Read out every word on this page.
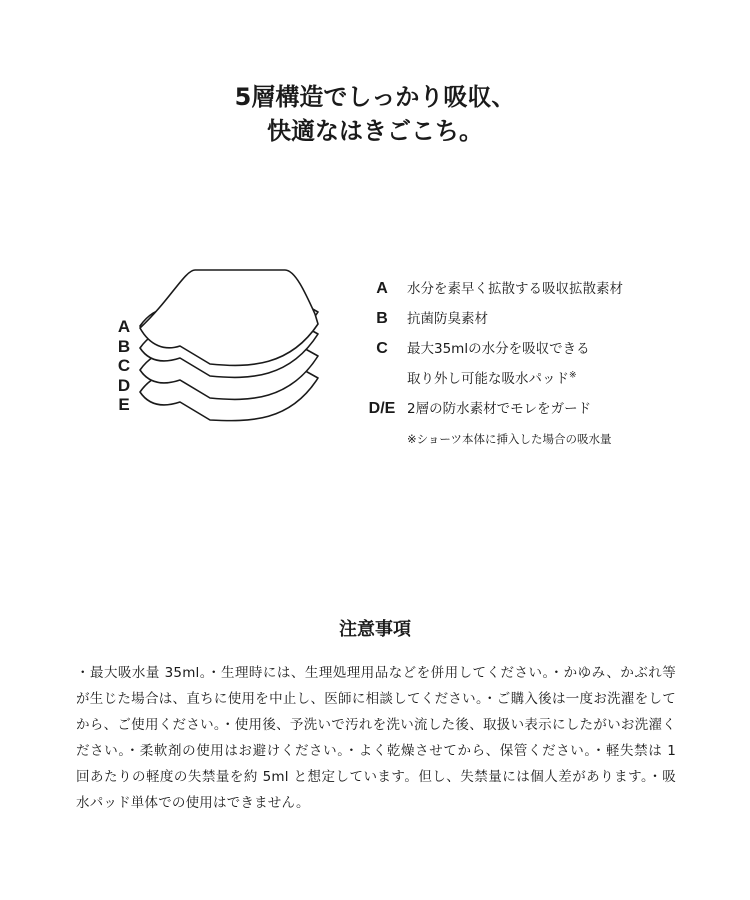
5層構造でしっかり吸収、
快適なはきごこち。
A
B
C
D
E
A	水分を素早く拡散する吸収拡散素材
B	抗菌防臭素材
C	最大35mlの水分を吸収できる
取り外し可能な吸水パッド※
D/E 2層の防水素材でモレをガード
※ショーツ本体に挿入した場合の吸水量
注意事項
・最大吸水量 35ml。・生理時には、生理処理用品などを併用してください。・かゆみ、かぶれ等が生じた場合は、直ちに使用を中止し、医師に相談してください。・ご購入後は一度お洗濯をしてから、ご使用ください。・使用後、予洗いで汚れを洗い流した後、取扱い表示にしたがいお洗濯ください。・柔軟剤の使用はお避けください。・よく乾燥させてから、保管ください。・軽失禁は 1 回あたりの軽度の失禁量を約 5ml と想定しています。但し、失禁量には個人差があります。・吸水パッド単体での使用はできません。
